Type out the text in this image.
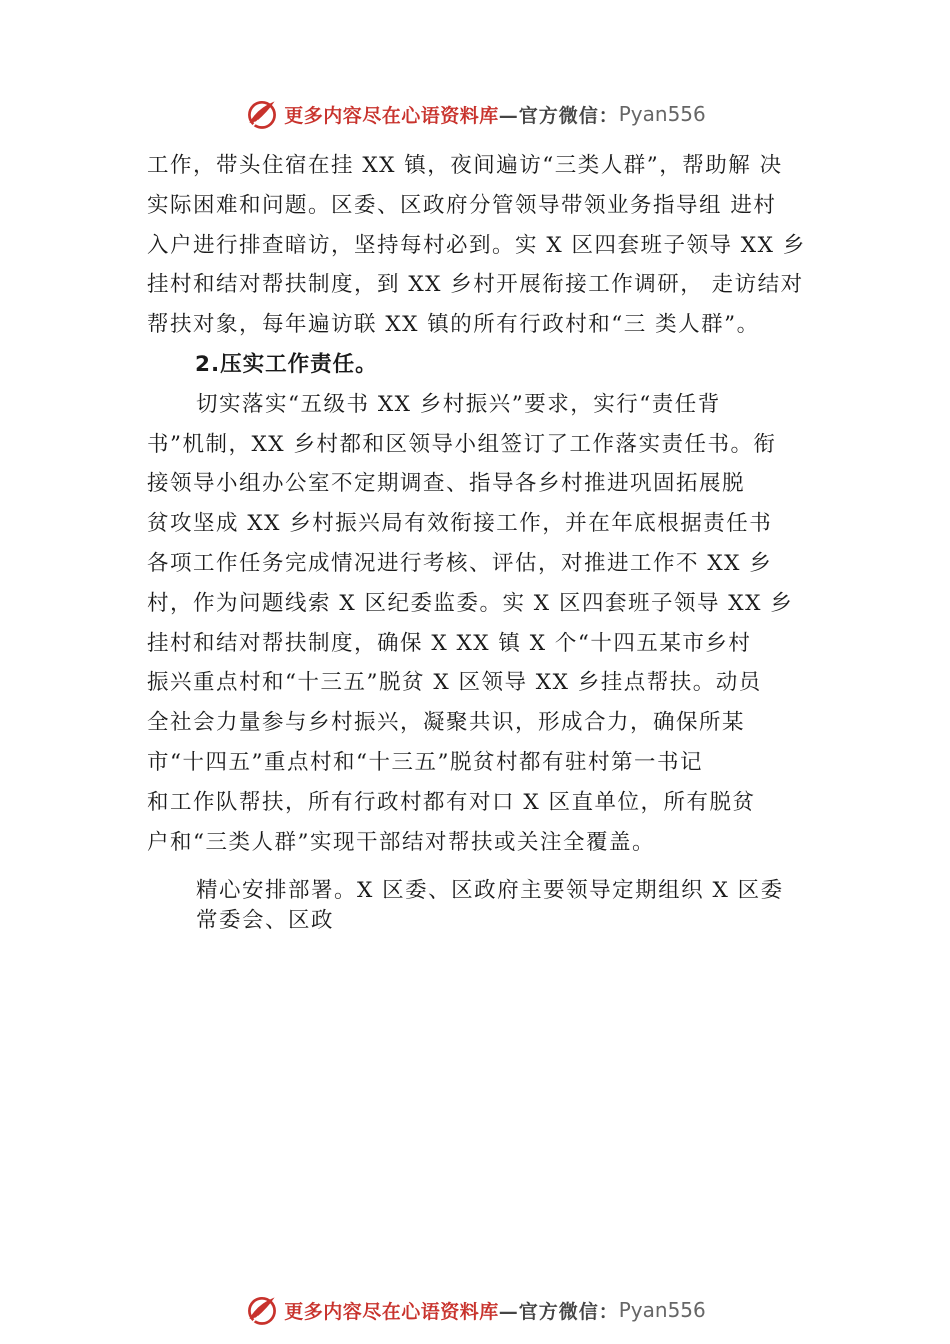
更多内容尽在心语资料库 —官方微信： Pyan556

工作，带头住宿在挂 XX 镇，夜间遍访“三类人群”，帮助解 决

实际困难和问题。区委、区政府分管领导带领业务指导组 进村

入户进行排查暗访，坚持每村必到。实 X 区四套班子领导 XX 乡

挂村和结对帮扶制度，到 XX 乡村开展衔接工作调研， 走访结对

帮扶对象，每年遍访联 XX 镇的所有行政村和“三 类人群”。

2.压实工作责任。

切实落实“五级书 XX 乡村振兴”要求，实行“责任背

书”机制，XX 乡村都和区领导小组签订了工作落实责任书。衔

接领导小组办公室不定期调查、指导各乡村推进巩固拓展脱

贫攻坚成 XX 乡村振兴局有效衔接工作，并在年底根据责任书

各项工作任务完成情况进行考核、评估，对推进工作不 XX 乡

村，作为问题线索 X 区纪委监委。实 X 区四套班子领导 XX 乡

挂村和结对帮扶制度，确保 X XX 镇 X 个“十四五某市乡村

振兴重点村和“十三五”脱贫 X 区领导 XX 乡挂点帮扶。动员

全社会力量参与乡村振兴，凝聚共识，形成合力，确保所某

市“十四五”重点村和“十三五”脱贫村都有驻村第一书记

和工作队帮扶，所有行政村都有对口 X 区直单位，所有脱贫

户和“三类人群”实现干部结对帮扶或关注全覆盖。

精心安排部署。X 区委、区政府主要领导定期组织 X 区委

常委会、区政

更多内容尽在心语资料库 —官方微信： Pyan556
